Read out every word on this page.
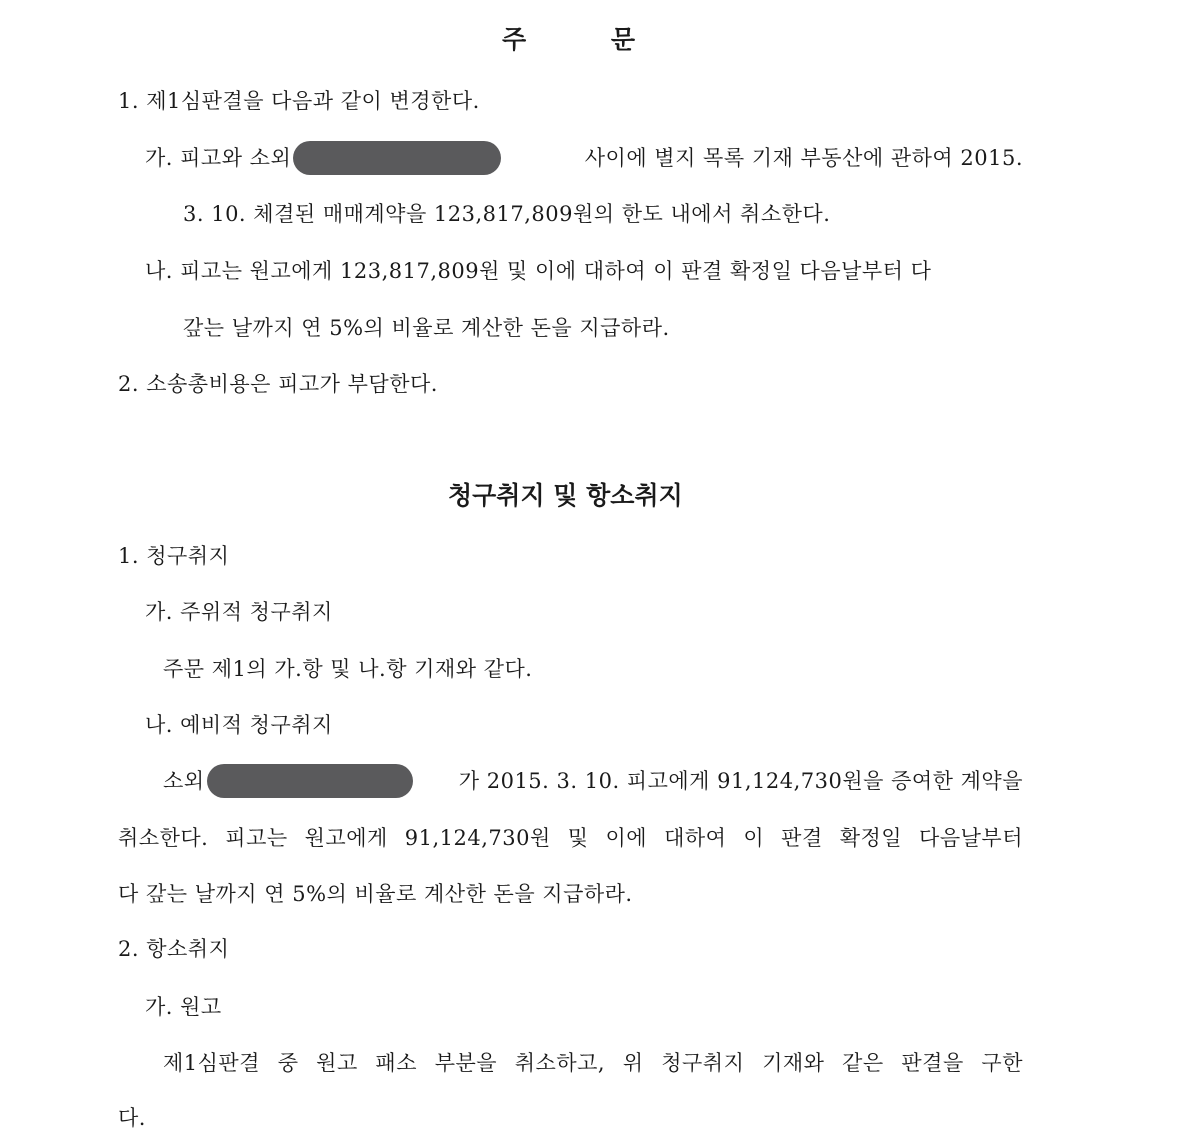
주	문
1. 제1심판결을 다음과 같이 변경한다.
가. 피고와 소외	사이에 별지 목록 기재 부동산에 관하여 2015.
3. 10. 체결된 매매계약을 123,817,809원의 한도 내에서 취소한다.
나. 피고는 원고에게 123,817,809원 및 이에 대하여 이 판결 확정일 다음날부터 다
갚는 날까지 연 5%의 비율로 계산한 돈을 지급하라.
2. 소송총비용은 피고가 부담한다.
청구취지 및 항소취지
1. 청구취지
가. 주위적 청구취지
주문 제1의 가.항 및 나.항 기재와 같다.
나. 예비적 청구취지
소외	가 2015. 3. 10. 피고에게 91,124,730원을 증여한 계약을
취소한다. 피고는 원고에게 91,124,730원 및 이에 대하여 이 판결 확정일 다음날부터
다 갚는 날까지 연 5%의 비율로 계산한 돈을 지급하라.
2. 항소취지
가. 원고
제1심판결 중 원고 패소 부분을 취소하고, 위 청구취지 기재와 같은 판결을 구한
다.
